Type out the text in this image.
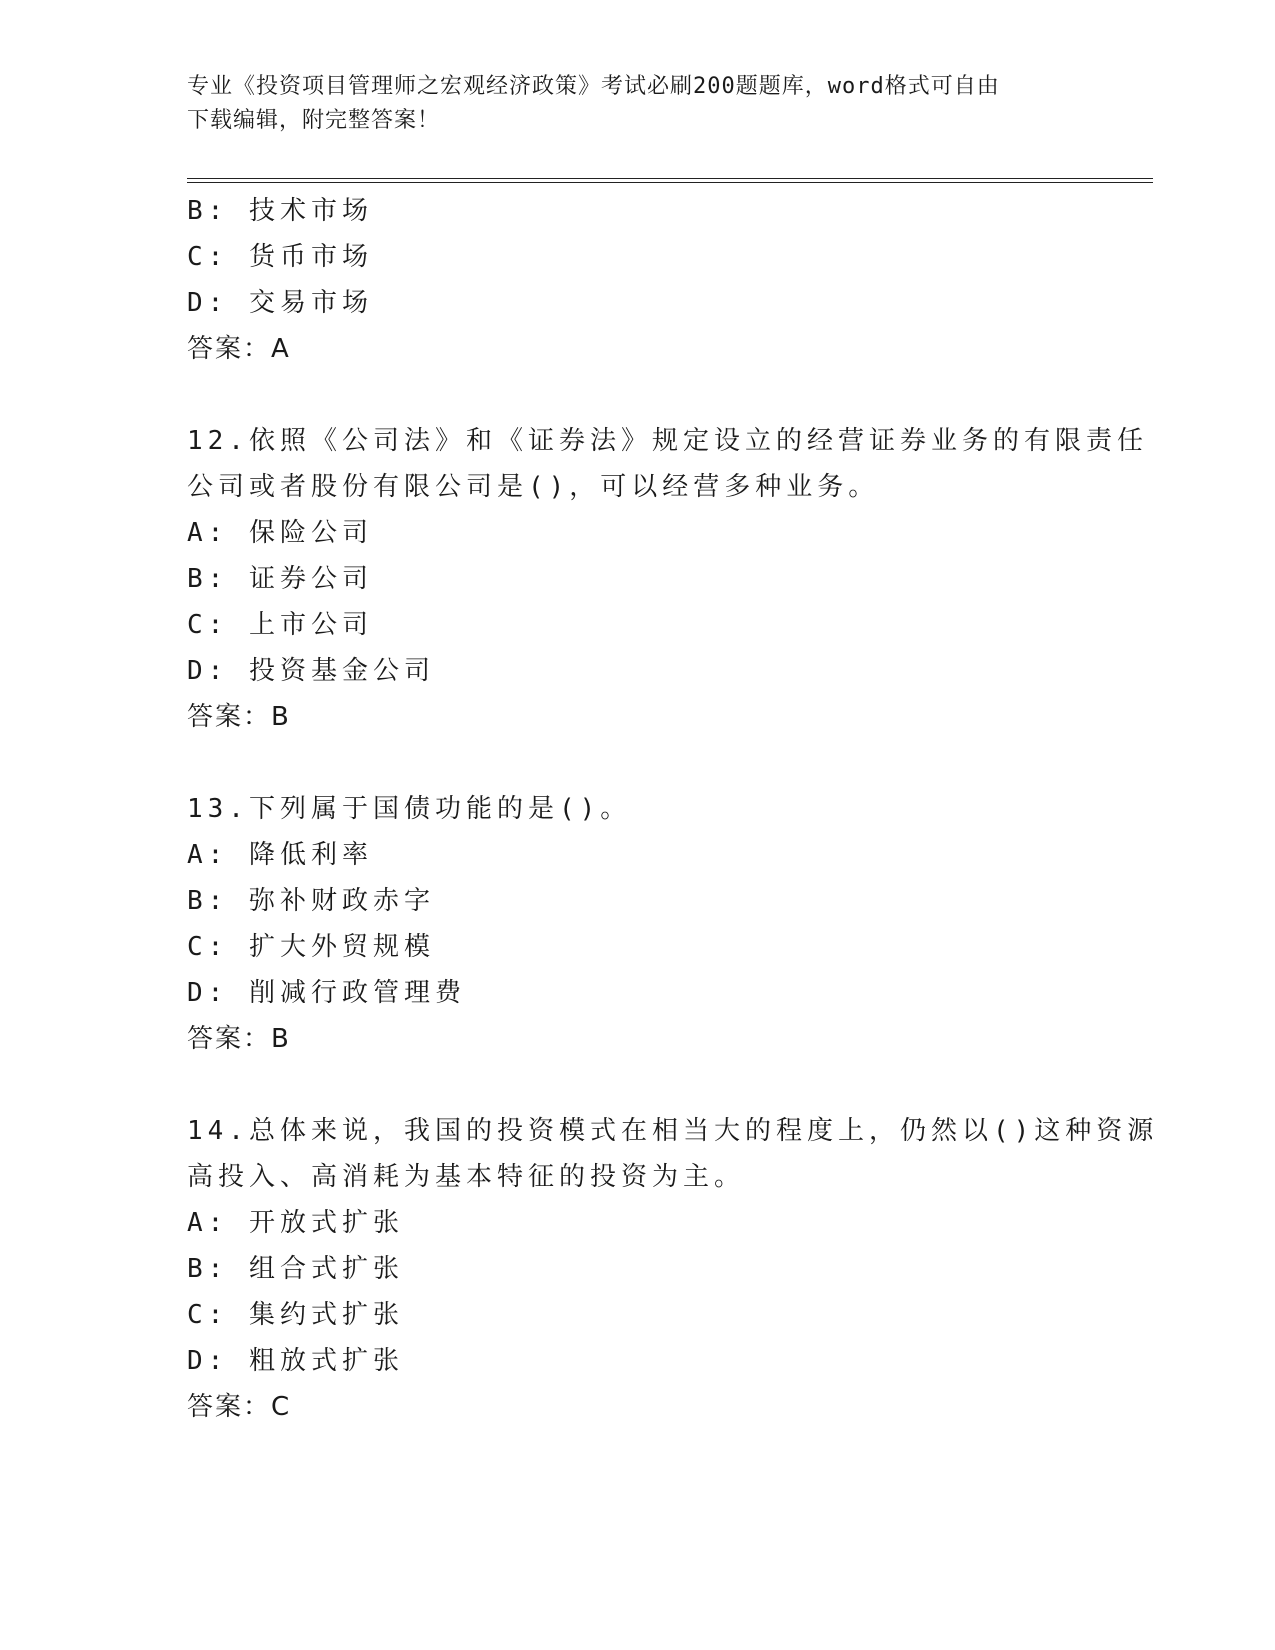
专业《投资项目管理师之宏观经济政策》考试必刷200题题库，word格式可自由
下载编辑，附完整答案！
B: 技术市场
C: 货币市场
D: 交易市场
答案：A
12.依照《公司法》和《证券法》规定设立的经营证券业务的有限责任
公司或者股份有限公司是()，可以经营多种业务。
A: 保险公司
B: 证券公司
C: 上市公司
D: 投资基金公司
答案：B
13.下列属于国债功能的是()。
A: 降低利率
B: 弥补财政赤字
C: 扩大外贸规模
D: 削减行政管理费
答案：B
14.总体来说，我国的投资模式在相当大的程度上，仍然以()这种资源
高投入、高消耗为基本特征的投资为主。
A: 开放式扩张
B: 组合式扩张
C: 集约式扩张
D: 粗放式扩张
答案：C
